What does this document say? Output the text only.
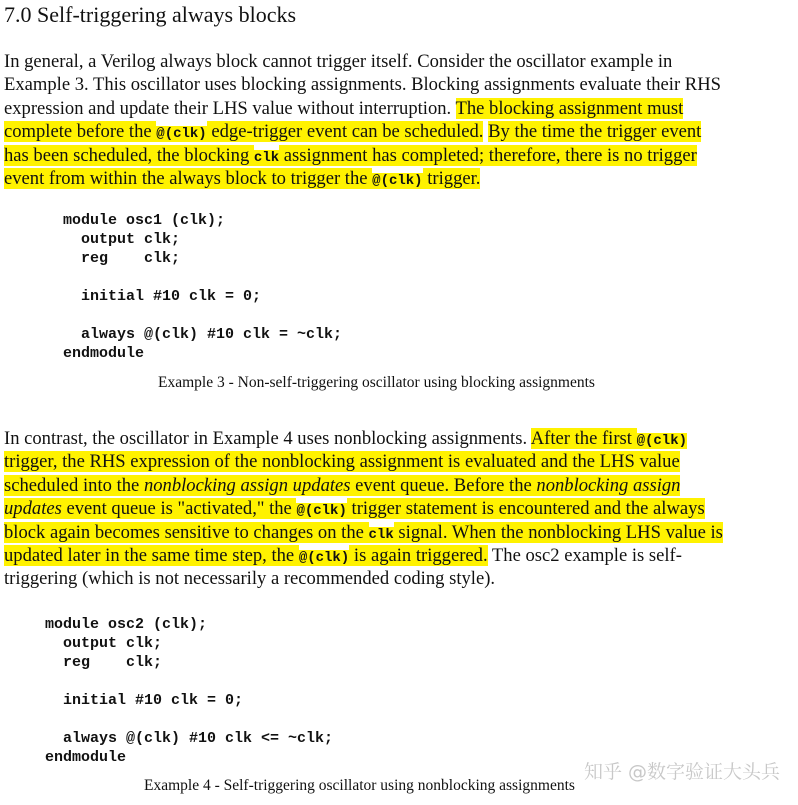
7.0 Self-triggering always blocks
In general, a Verilog always block cannot trigger itself. Consider the oscillator example in
Example 3. This oscillator uses blocking assignments. Blocking assignments evaluate their RHS
expression and update their LHS value without interruption. The blocking assignment must
complete before the @(clk) edge-trigger event can be scheduled. By the time the trigger event
has been scheduled, the blocking clk assignment has completed; therefore, there is no trigger
event from within the always block to trigger the @(clk) trigger.
module osc1 (clk);
output clk;
reg    clk;
initial #10 clk = 0;
always @(clk) #10 clk = ~clk;
endmodule
Example 3 - Non-self-triggering oscillator using blocking assignments
In contrast, the oscillator in Example 4 uses nonblocking assignments. After the first @(clk)
trigger, the RHS expression of the nonblocking assignment is evaluated and the LHS value
scheduled into the nonblocking assign updates event queue. Before the nonblocking assign
updates event queue is "activated," the @(clk) trigger statement is encountered and the always
block again becomes sensitive to changes on the clk signal. When the nonblocking LHS value is
updated later in the same time step, the @(clk) is again triggered. The osc2 example is self-
triggering (which is not necessarily a recommended coding style).
module osc2 (clk);
output clk;
reg    clk;
initial #10 clk = 0;
always @(clk) #10 clk <= ~clk;
endmodule
Example 4 - Self-triggering oscillator using nonblocking assignments
知乎 @数字验证大头兵
